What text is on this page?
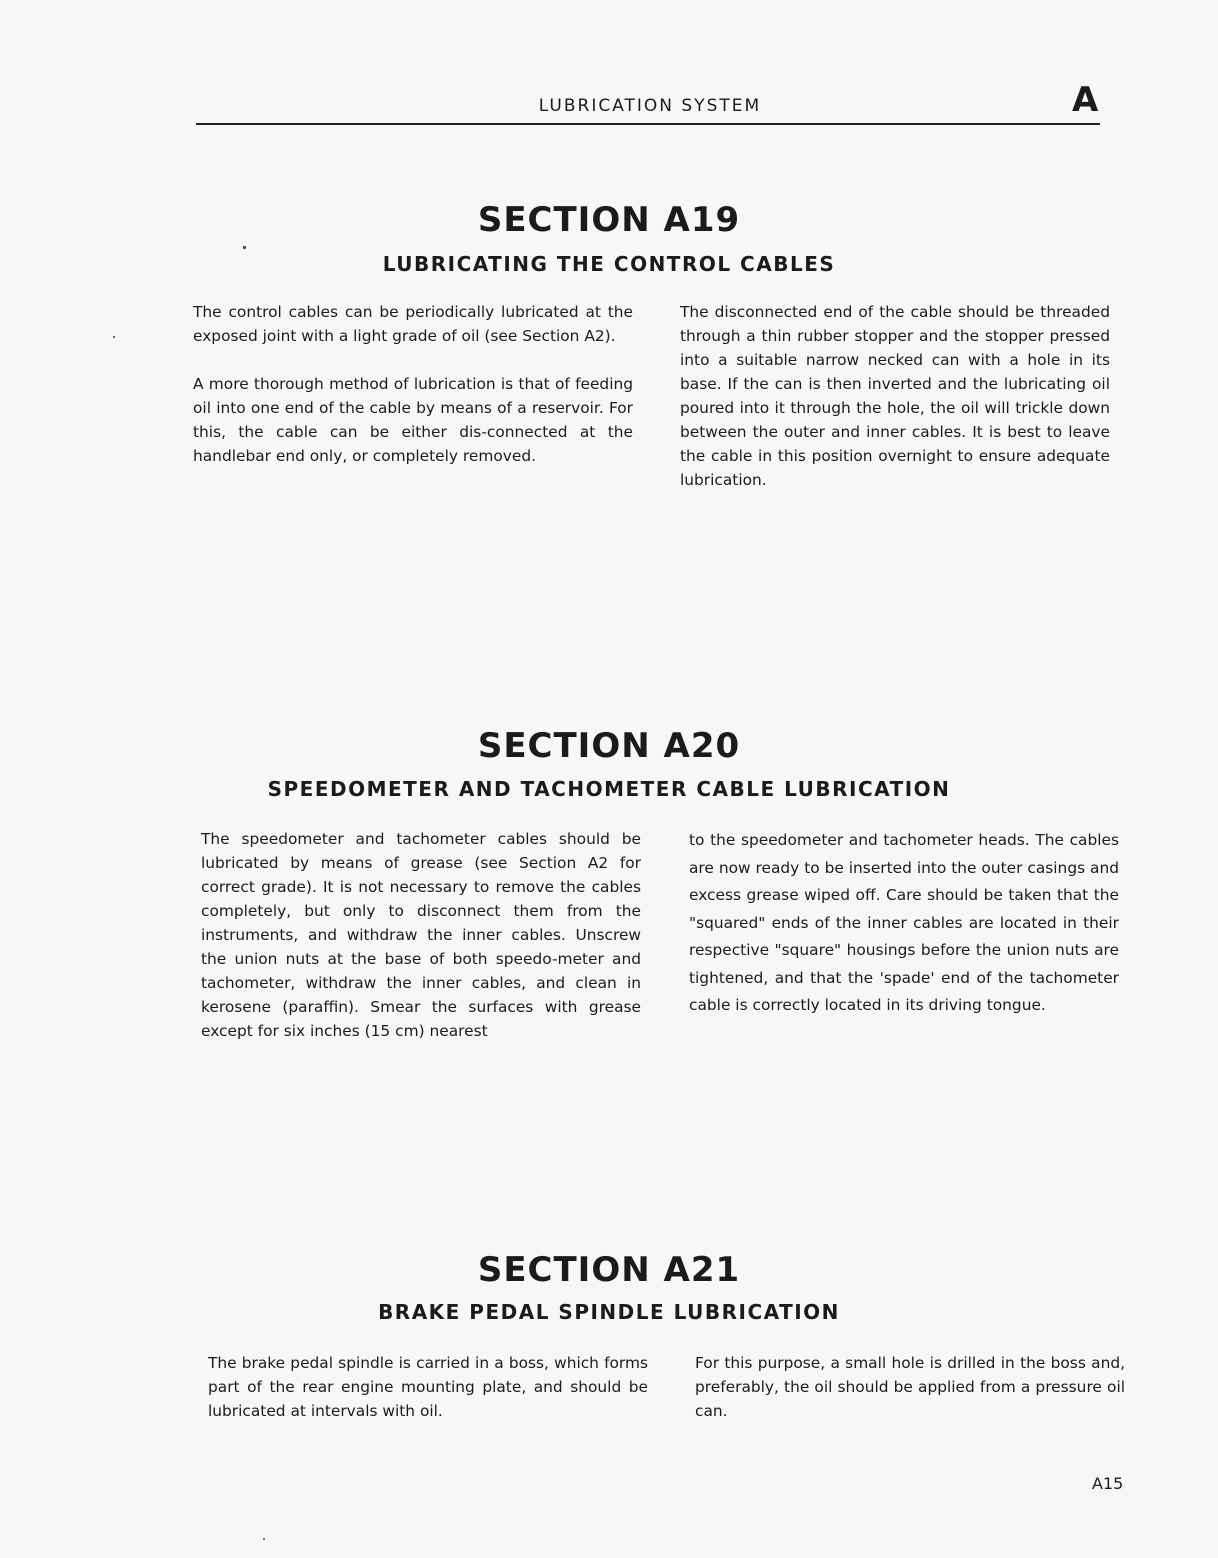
LUBRICATION SYSTEM	A
SECTION A19
LUBRICATING THE CONTROL CABLES

The control cables can be periodically lubricated at the exposed joint with a light grade of oil (see Section A2).

A more thorough method of lubrication is that of feeding oil into one end of the cable by means of a reservoir. For this, the cable can be either dis-connected at the handlebar end only, or completely removed.

The disconnected end of the cable should be threaded through a thin rubber stopper and the stopper pressed into a suitable narrow necked can with a hole in its base. If the can is then inverted and the lubricating oil poured into it through the hole, the oil will trickle down between the outer and inner cables. It is best to leave the cable in this position overnight to ensure adequate lubrication.

SECTION A20
SPEEDOMETER AND TACHOMETER CABLE LUBRICATION

The speedometer and tachometer cables should be lubricated by means of grease (see Section A2 for correct grade). It is not necessary to remove the cables completely, but only to disconnect them from the instruments, and withdraw the inner cables. Unscrew the union nuts at the base of both speedo-meter and tachometer, withdraw the inner cables, and clean in kerosene (paraffin). Smear the surfaces with grease except for six inches (15 cm) nearest

to the speedometer and tachometer heads. The cables are now ready to be inserted into the outer casings and excess grease wiped off. Care should be taken that the "squared" ends of the inner cables are located in their respective "square" housings before the union nuts are tightened, and that the 'spade' end of the tachometer cable is correctly located in its driving tongue.

SECTION A21
BRAKE PEDAL SPINDLE LUBRICATION

The brake pedal spindle is carried in a boss, which forms part of the rear engine mounting plate, and should be lubricated at intervals with oil.

For this purpose, a small hole is drilled in the boss and, preferably, the oil should be applied from a pressure oil can.

A15
